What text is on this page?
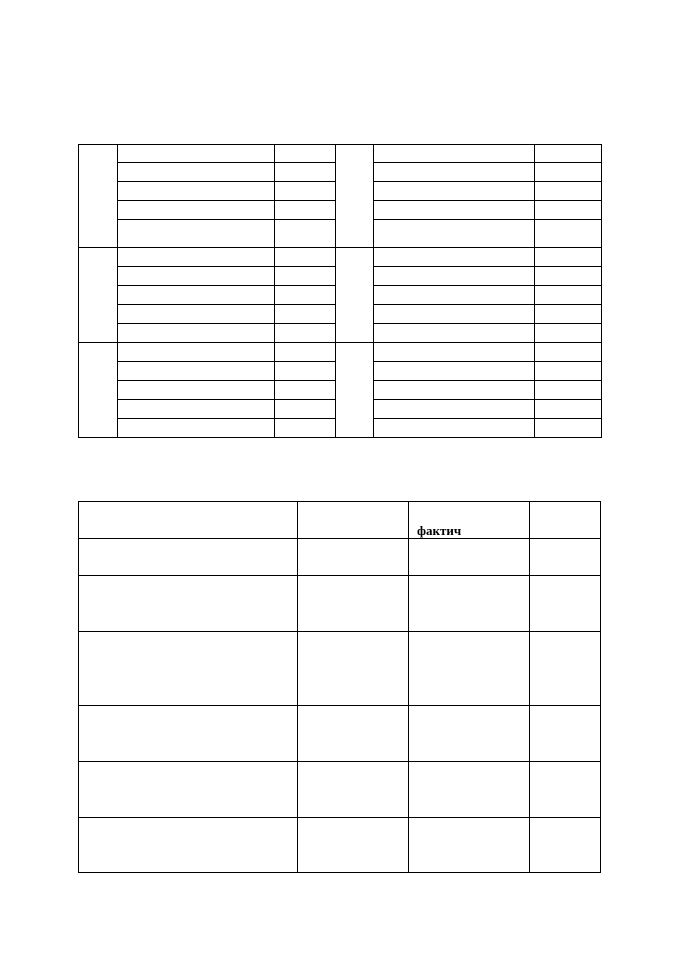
		фактич	
